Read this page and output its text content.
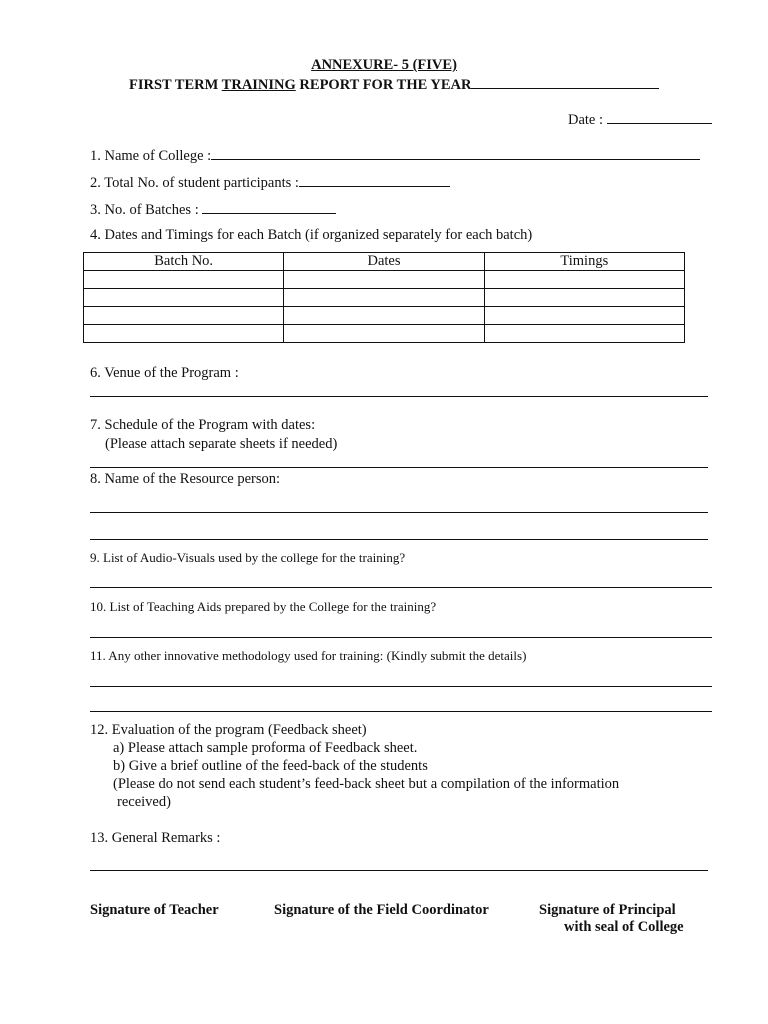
ANNEXURE- 5 (FIVE)
FIRST TERM TRAINING REPORT FOR THE YEAR
Date :
1. Name of College :
2. Total No. of student participants :
3. No. of Batches :
4. Dates and Timings for each Batch (if organized separately for each batch)
Batch No.	Dates	Timings

6. Venue of the Program :
7. Schedule of the Program with dates:
(Please attach separate sheets if needed)
8. Name of the Resource person:
9. List of Audio-Visuals used by the college for the training?
10. List of Teaching Aids prepared by the College for the training?
11. Any other innovative methodology used for training: (Kindly submit the details)
12. Evaluation of the program (Feedback sheet)
a) Please attach sample proforma of Feedback sheet.
b) Give a brief outline of the feed-back of the students
(Please do not send each student’s feed-back sheet but a compilation of the information
received)
13. General Remarks :
Signature of Teacher	Signature of the Field Coordinator	Signature of Principal
with seal of College
